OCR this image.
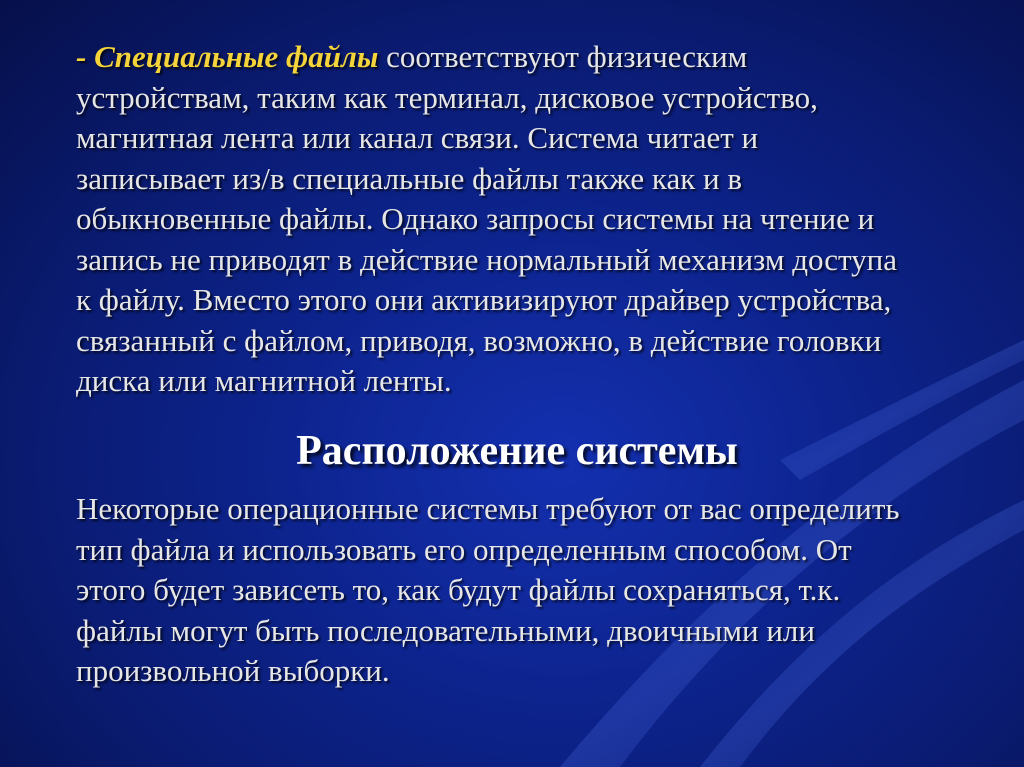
- Специальные файлы соответствуют физическим
устройствам, таким как терминал, дисковое устройство,
магнитная лента или канал связи. Система читает и
записывает из/в специальные файлы также как и в
обыкновенные файлы. Однако запросы системы на чтение и
запись не приводят в действие нормальный механизм доступа
к файлу. Вместо этого они активизируют драйвер устройства,
связанный с файлом, приводя, возможно, в действие головки
диска или магнитной ленты.
Расположение системы
Некоторые операционные системы требуют от вас определить
тип файла и использовать его определенным способом. От
этого будет зависеть то, как будут файлы сохраняться, т.к.
файлы могут быть последовательными, двоичными или
произвольной выборки.
